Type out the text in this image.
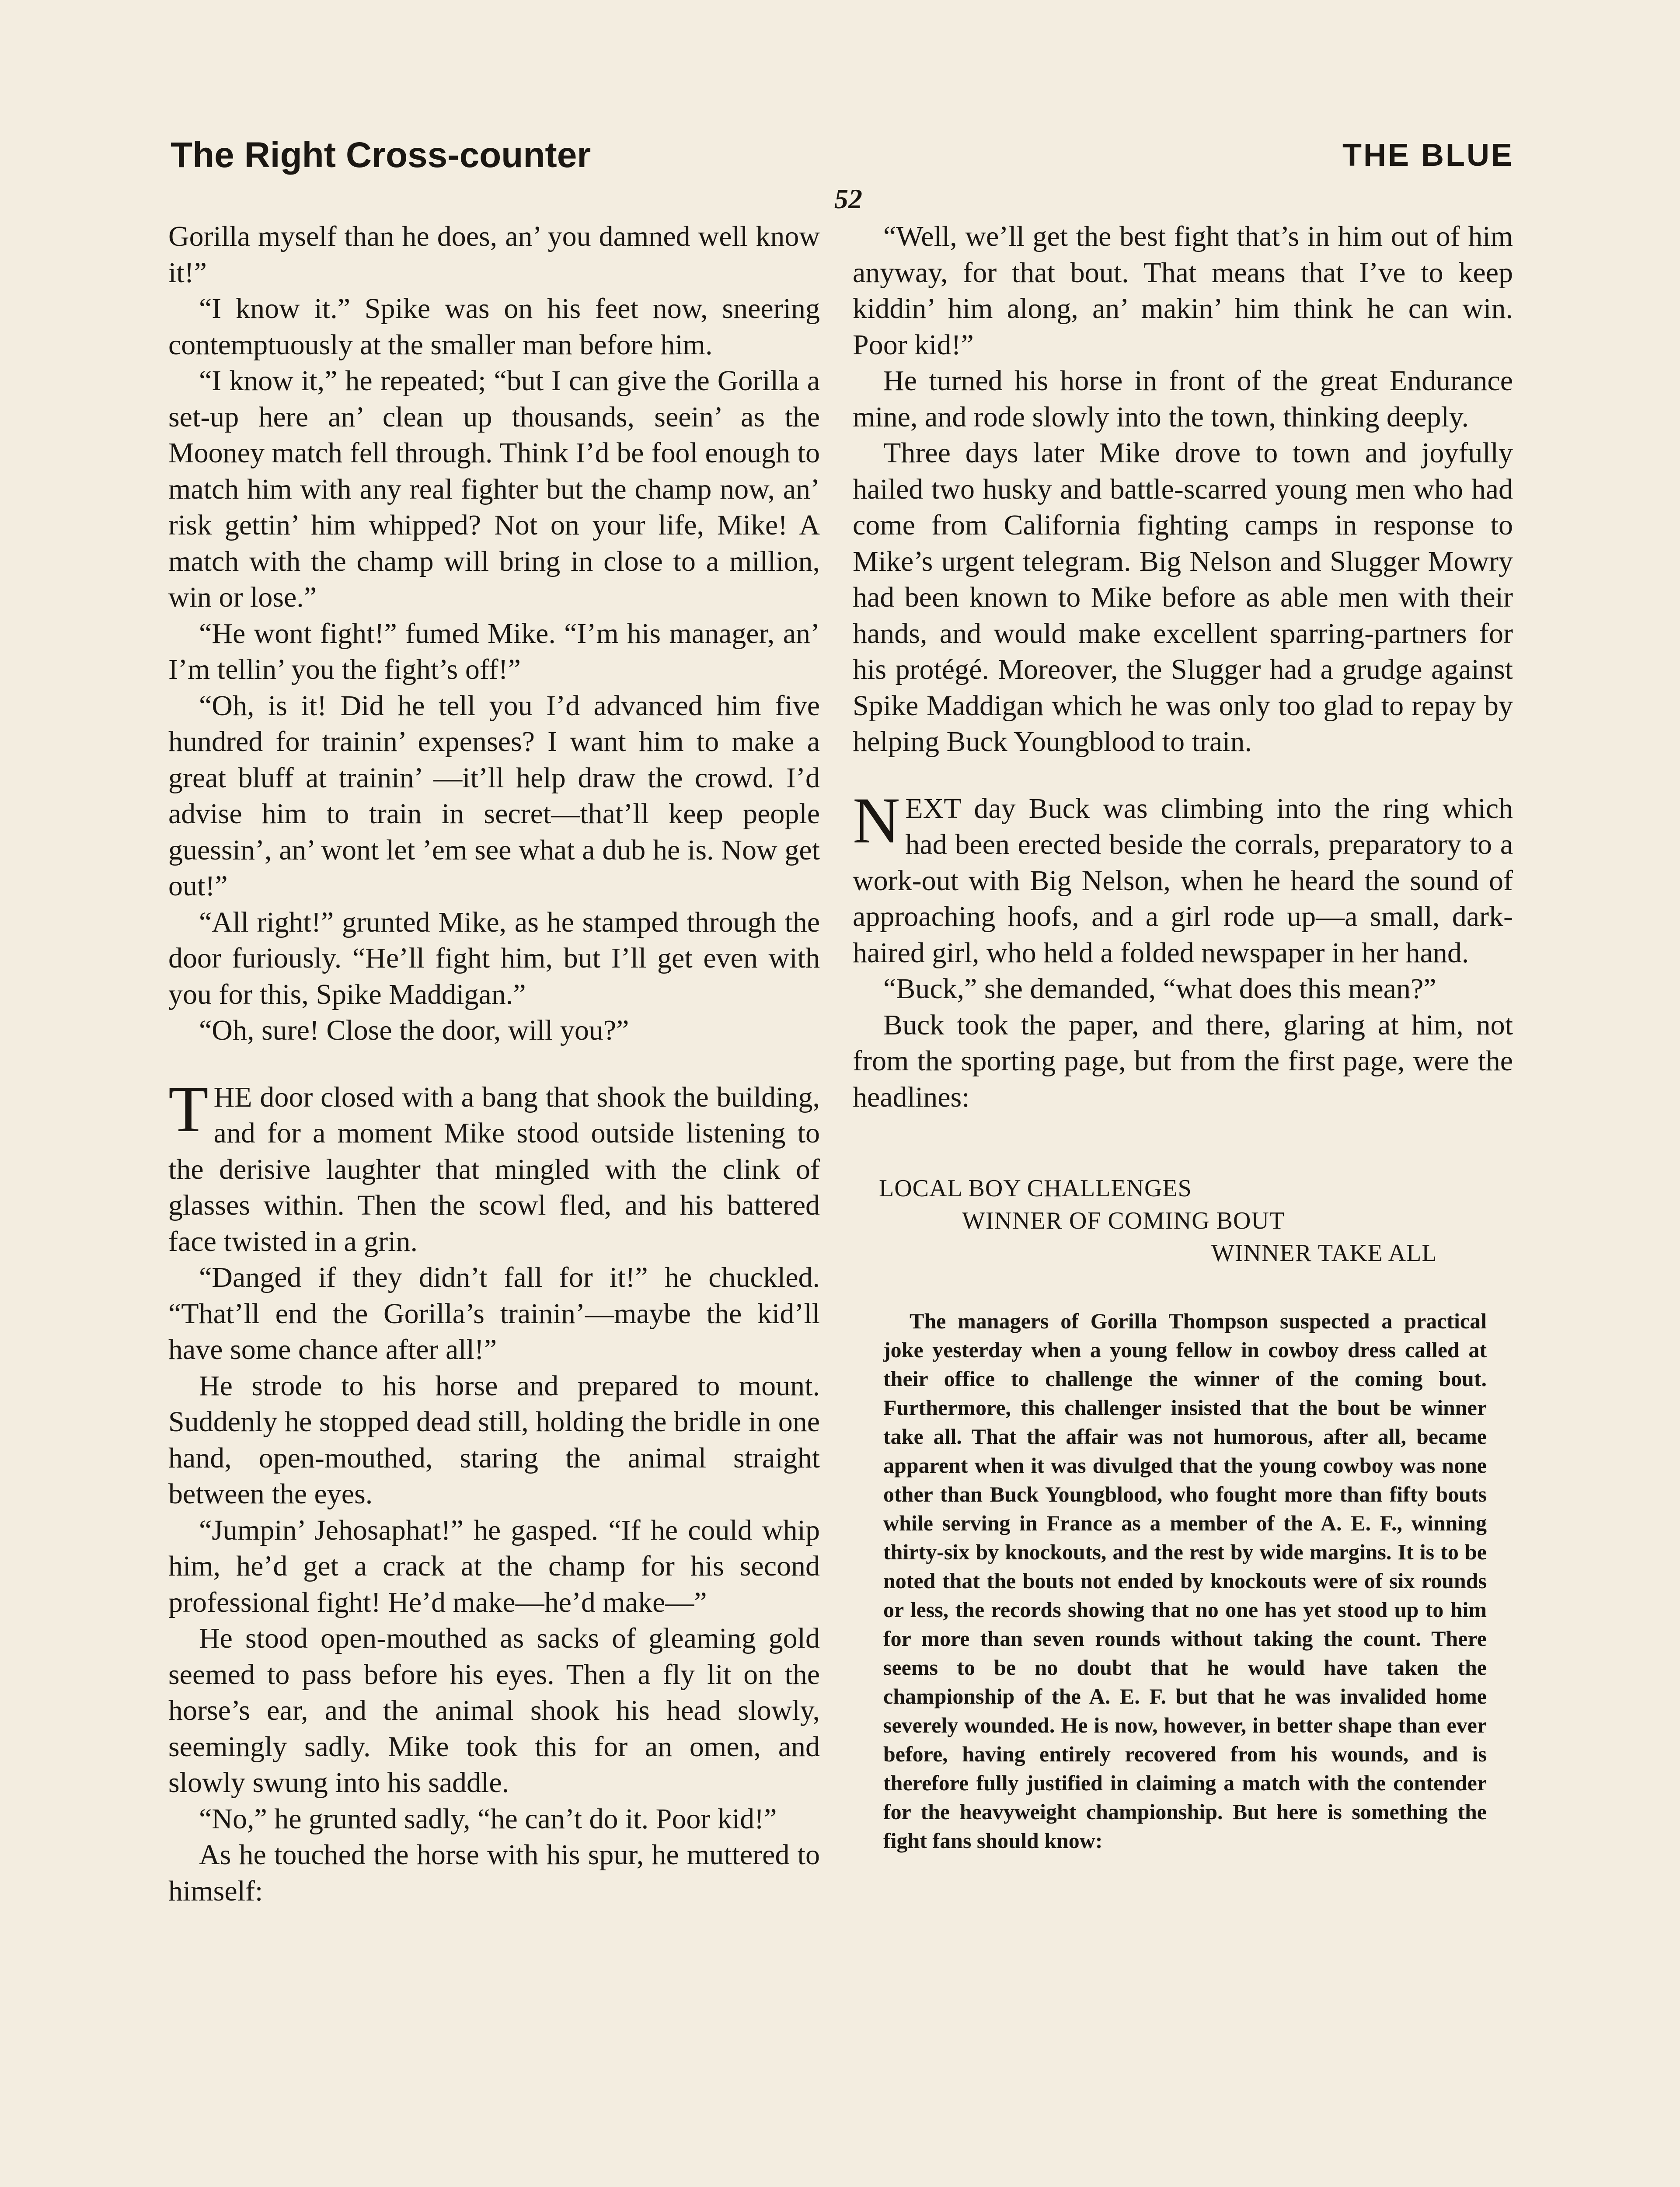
The Right Cross-counter	THE BLUE
52

Gorilla myself than he does, an’ you damned well know it!”

“I know it.” Spike was on his feet now, sneering contemptuously at the smaller man before him.

“I know it,” he repeated; “but I can give the Gorilla a set-up here an’ clean up thousands, seein’ as the Mooney match fell through. Think I’d be fool enough to match him with any real fighter but the champ now, an’ risk gettin’ him whipped? Not on your life, Mike! A match with the champ will bring in close to a million, win or lose.”

“He wont fight!” fumed Mike. “I’m his manager, an’ I’m tellin’ you the fight’s off!”

“Oh, is it! Did he tell you I’d advanced him five hundred for trainin’ expenses? I want him to make a great bluff at trainin’ —it’ll help draw the crowd. I’d advise him to train in secret—that’ll keep people guessin’, an’ wont let ’em see what a dub he is. Now get out!”

“All right!” grunted Mike, as he stamped through the door furiously. “He’ll fight him, but I’ll get even with you for this, Spike Maddigan.”

“Oh, sure! Close the door, will you?”

THE door closed with a bang that shook the building, and for a moment Mike stood outside listening to the derisive laughter that mingled with the clink of glasses within. Then the scowl fled, and his battered face twisted in a grin.

“Danged if they didn’t fall for it!” he chuckled. “That’ll end the Gorilla’s trainin’—maybe the kid’ll have some chance after all!”

He strode to his horse and prepared to mount. Suddenly he stopped dead still, holding the bridle in one hand, open-mouthed, staring the animal straight between the eyes.

“Jumpin’ Jehosaphat!” he gasped. “If he could whip him, he’d get a crack at the champ for his second professional fight! He’d make—he’d make—”

He stood open-mouthed as sacks of gleaming gold seemed to pass before his eyes. Then a fly lit on the horse’s ear, and the animal shook his head slowly, seemingly sadly. Mike took this for an omen, and slowly swung into his saddle.

“No,” he grunted sadly, “he can’t do it. Poor kid!”

As he touched the horse with his spur, he muttered to himself:

“Well, we’ll get the best fight that’s in him out of him anyway, for that bout. That means that I’ve to keep kiddin’ him along, an’ makin’ him think he can win. Poor kid!”

He turned his horse in front of the great Endurance mine, and rode slowly into the town, thinking deeply.

Three days later Mike drove to town and joyfully hailed two husky and battle-scarred young men who had come from California fighting camps in response to Mike’s urgent telegram. Big Nelson and Slugger Mowry had been known to Mike before as able men with their hands, and would make excellent sparring-partners for his protégé. Moreover, the Slugger had a grudge against Spike Maddigan which he was only too glad to repay by helping Buck Youngblood to train.

NEXT day Buck was climbing into the ring which had been erected beside the corrals, preparatory to a work-out with Big Nelson, when he heard the sound of approaching hoofs, and a girl rode up—a small, dark-haired girl, who held a folded newspaper in her hand.

“Buck,” she demanded, “what does this mean?”

Buck took the paper, and there, glaring at him, not from the sporting page, but from the first page, were the headlines:

LOCAL BOY CHALLENGES
WINNER OF COMING BOUT
WINNER TAKE ALL

The managers of Gorilla Thompson suspected a practical joke yesterday when a young fellow in cowboy dress called at their office to challenge the winner of the coming bout. Furthermore, this challenger insisted that the bout be winner take all. That the affair was not humorous, after all, became apparent when it was divulged that the young cowboy was none other than Buck Youngblood, who fought more than fifty bouts while serving in France as a member of the A. E. F., winning thirty-six by knockouts, and the rest by wide margins. It is to be noted that the bouts not ended by knockouts were of six rounds or less, the records showing that no one has yet stood up to him for more than seven rounds without taking the count. There seems to be no doubt that he would have taken the championship of the A. E. F. but that he was invalided home severely wounded. He is now, however, in better shape than ever before, having entirely recovered from his wounds, and is therefore fully justified in claiming a match with the contender for the heavyweight championship. But here is something the fight fans should know:
